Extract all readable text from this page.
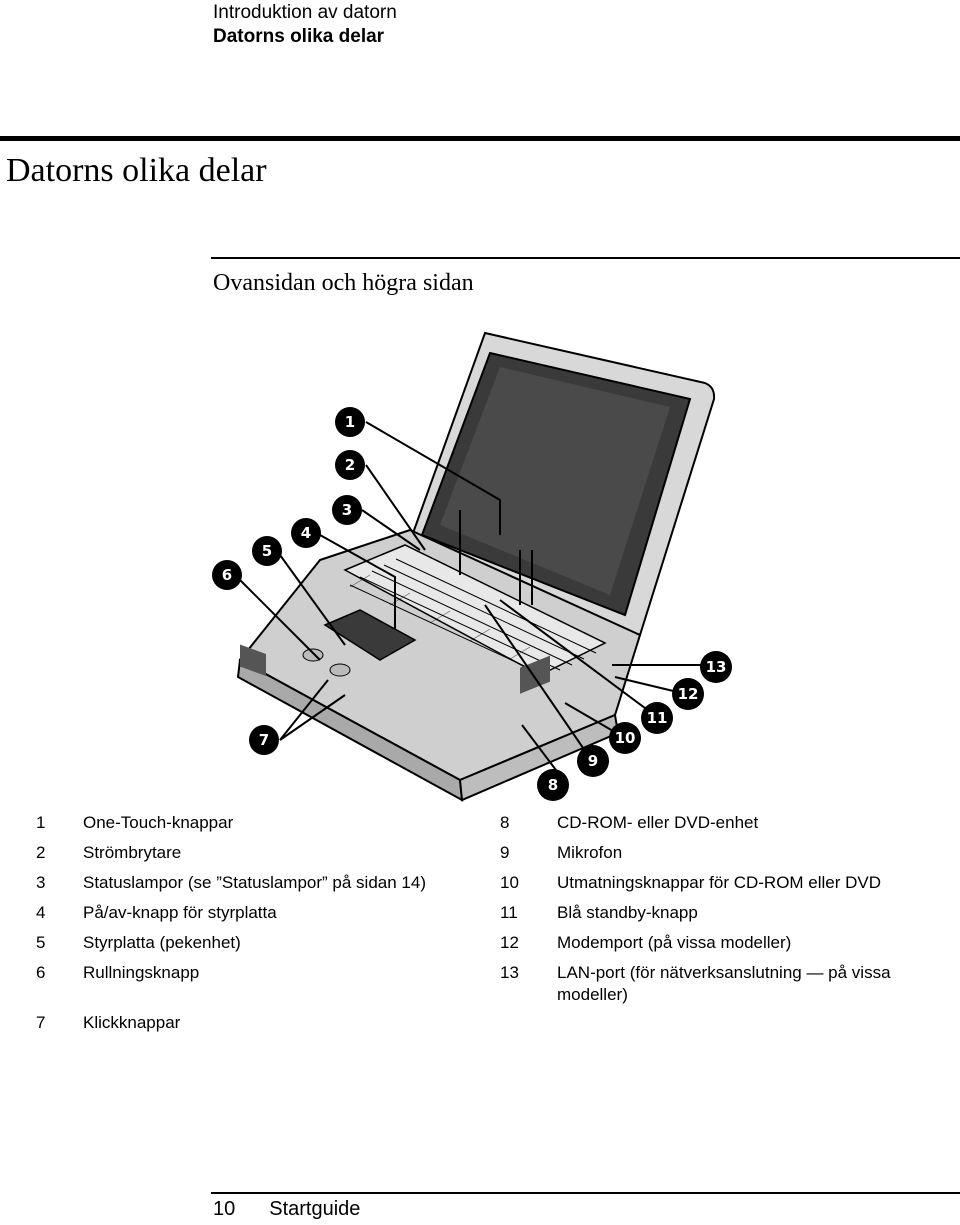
Introduktion av datorn
Datorns olika delar
Datorns olika delar
Ovansidan och högra sidan
1
2
3
4
5
6
7
8
9
10
11
12
13
1	One-Touch-knappar
2	Strömbrytare
3	Statuslampor (se ”Statuslampor” på sidan 14)
4	På/av-knapp för styrplatta
5	Styrplatta (pekenhet)
6	Rullningsknapp
7	Klickknappar
8	CD-ROM- eller DVD-enhet
9	Mikrofon
10	Utmatningsknappar för CD-ROM eller DVD
11	Blå standby-knapp
12	Modemport (på vissa modeller)
13	LAN-port (för nätverksanslutning — på vissa modeller)
10 Startguide
